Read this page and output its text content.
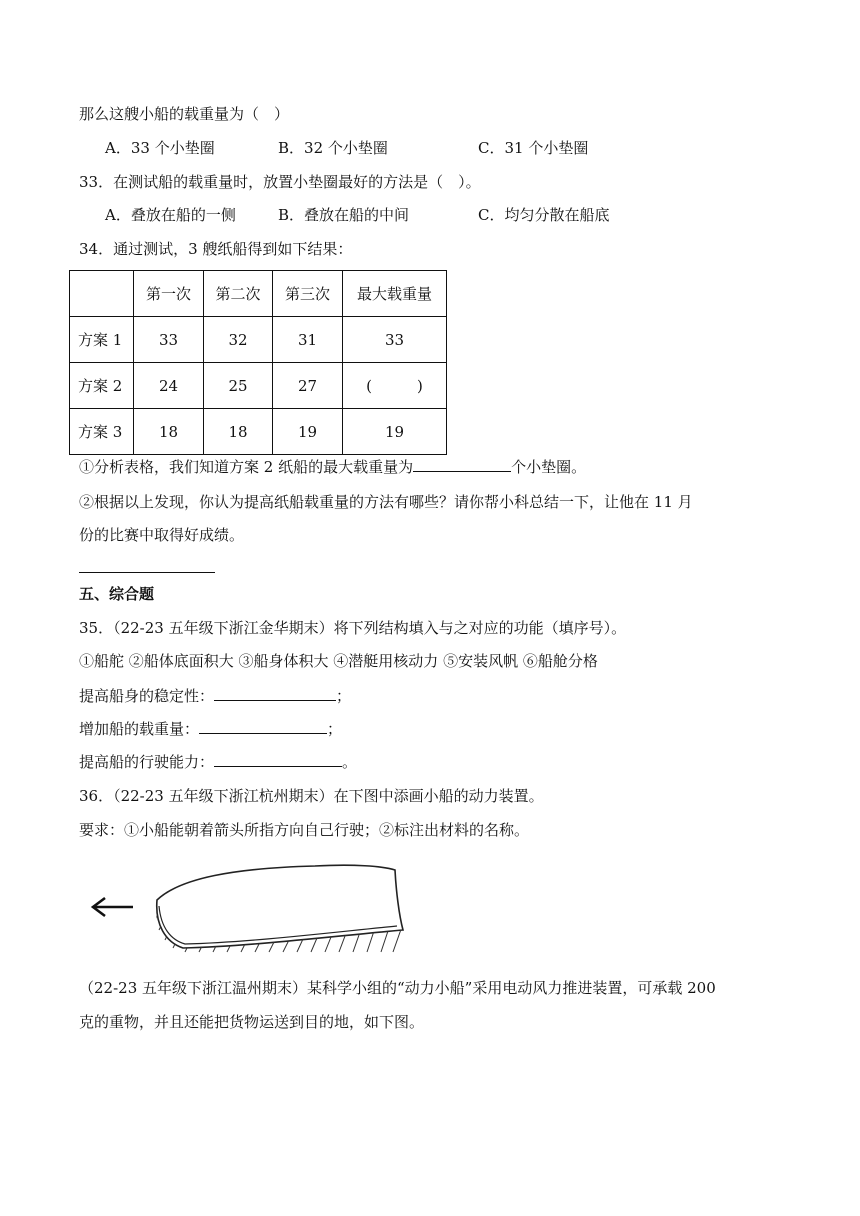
那么这艘小船的载重量为（　）
A．33 个小垫圈	B．32 个小垫圈	C．31 个小垫圈
33．在测试船的载重量时，放置小垫圈最好的方法是（　）。
A．叠放在船的一侧	B．叠放在船的中间	C．均匀分散在船底
34．通过测试，3 艘纸船得到如下结果：
	第一次	第二次	第三次	最大载重量
方案 1	33	32	31	33
方案 2	24	25	27	(　　　)
方案 3	18	18	19	19
①分析表格，我们知道方案 2 纸船的最大载重量为	个小垫圈。
②根据以上发现，你认为提高纸船载重量的方法有哪些？请你帮小科总结一下，让他在 11 月
份的比赛中取得好成绩。
五、综合题
35．（22-23 五年级下浙江金华期末）将下列结构填入与之对应的功能（填序号）。
①船舵 ②船体底面积大 ③船身体积大 ④潜艇用核动力 ⑤安装风帆 ⑥船舱分格
提高船身的稳定性：	；
增加船的载重量：	；
提高船的行驶能力：	。
36．（22-23 五年级下浙江杭州期末）在下图中添画小船的动力装置。
要求：①小船能朝着箭头所指方向自己行驶；②标注出材料的名称。
（22-23 五年级下浙江温州期末）某科学小组的“动力小船”采用电动风力推进装置，可承载 200
克的重物，并且还能把货物运送到目的地，如下图。
